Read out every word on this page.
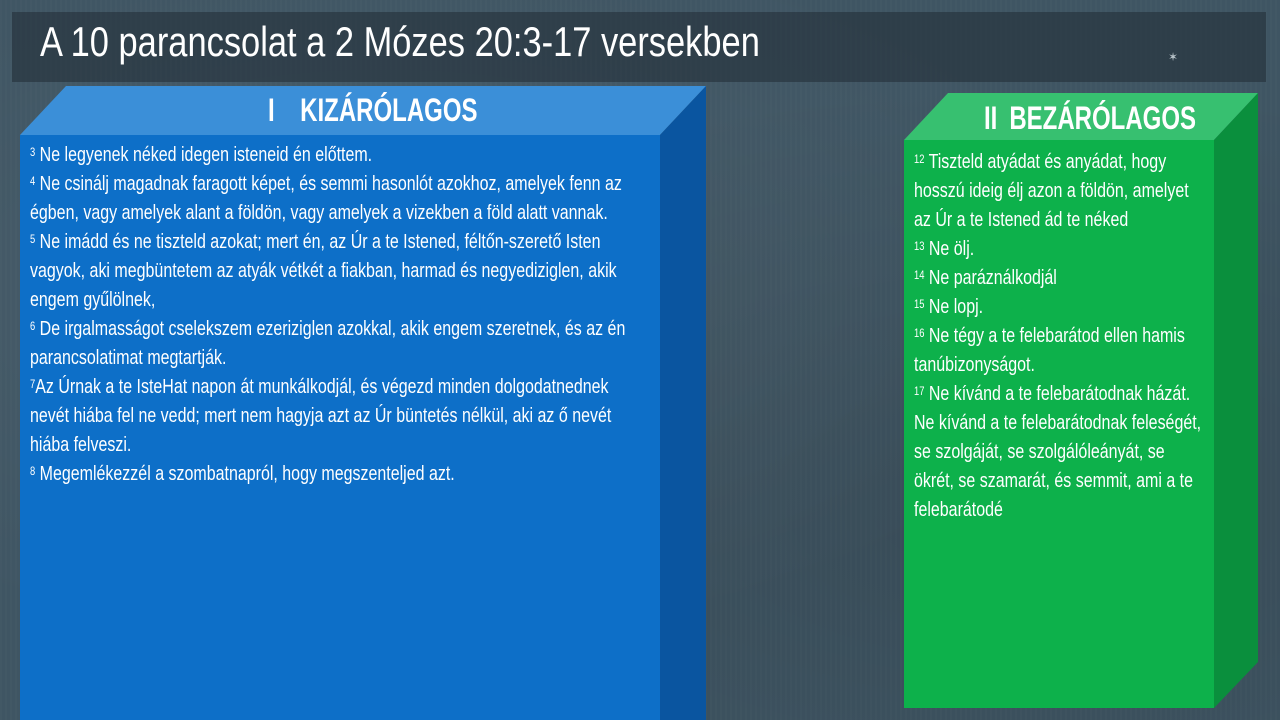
A 10 parancsolat a 2 Mózes 20:3-17 versekben	✶
I KIZÁRÓLAGOS

$^3$ Ne legyenek néked idegen isteneid én előttem.

$^4$ Ne csinálj magadnak faragott képet, és semmi hasonlót azokhoz, amelyek fenn az égben, vagy amelyek alant a földön, vagy amelyek a vizekben a föld alatt vannak.

$^5$ Ne imádd és ne tiszteld azokat; mert én, az Úr a te Istened, féltőn-szerető Isten vagyok, aki megbüntetem az atyák vétkét a fiakban, harmad és negyediziglen, akik engem gyűlölnek,

$^6$ De irgalmasságot cselekszem ezeriziglen azokkal, akik engem szeretnek, és az én parancsolatimat megtartják.

$^7$Az Úrnak a te IsteHat napon át munkálkodjál, és végezd minden dolgodatnednek nevét hiába fel ne vedd; mert nem hagyja azt az Úr büntetés nélkül, aki az ő nevét hiába felveszi.

$^8$ Megemlékezzél a szombatnapról, hogy megszenteljed azt.

II BEZÁRÓLAGOS

$^{12}$ Tiszteld atyádat és anyádat, hogy hosszú ideig élj azon a földön, amelyet az Úr a te Istened ád te néked

$^{13}$ Ne ölj.

$^{14}$ Ne paráználkodjál

$^{15}$ Ne lopj.

$^{16}$ Ne tégy a te felebarátod ellen hamis tanúbizonyságot.

$^{17}$ Ne kívánd a te felebarátodnak házát. Ne kívánd a te felebarátodnak feleségét, se szolgáját, se szolgálóleányát, se ökrét, se szamarát, és semmit, ami a te felebarátodé
